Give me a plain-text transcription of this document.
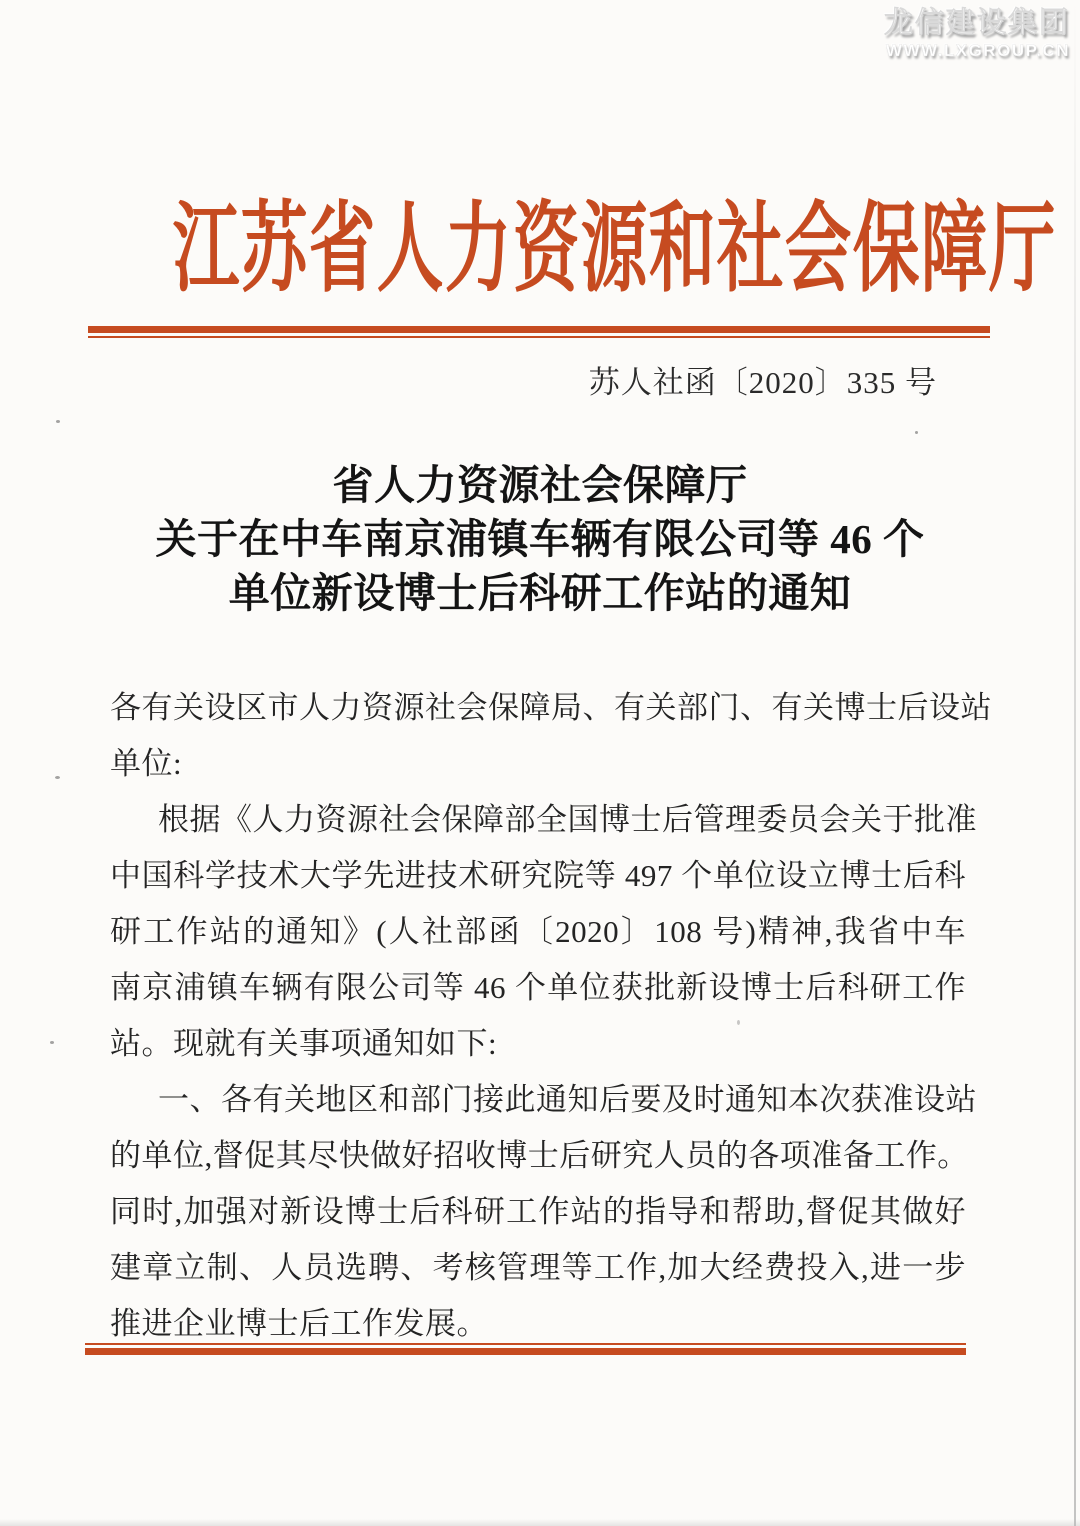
龙信建设集团
WWW.LXGROUP.CN
江苏省人力资源和社会保障厅
苏人社函〔2020〕335 号
省人力资源社会保障厅
关于在中车南京浦镇车辆有限公司等 46 个
单位新设博士后科研工作站的通知
各有关设区市人力资源社会保障局、有关部门、有关博士后设站
单位:
根据《人力资源社会保障部全国博士后管理委员会关于批准
中国科学技术大学先进技术研究院等 497 个单位设立博士后科
研工作站的通知》(人社部函〔2020〕108 号)精神,我省中车
南京浦镇车辆有限公司等 46 个单位获批新设博士后科研工作
站。现就有关事项通知如下:
一、各有关地区和部门接此通知后要及时通知本次获准设站
的单位,督促其尽快做好招收博士后研究人员的各项准备工作。
同时,加强对新设博士后科研工作站的指导和帮助,督促其做好
建章立制、人员选聘、考核管理等工作,加大经费投入,进一步
推进企业博士后工作发展。
